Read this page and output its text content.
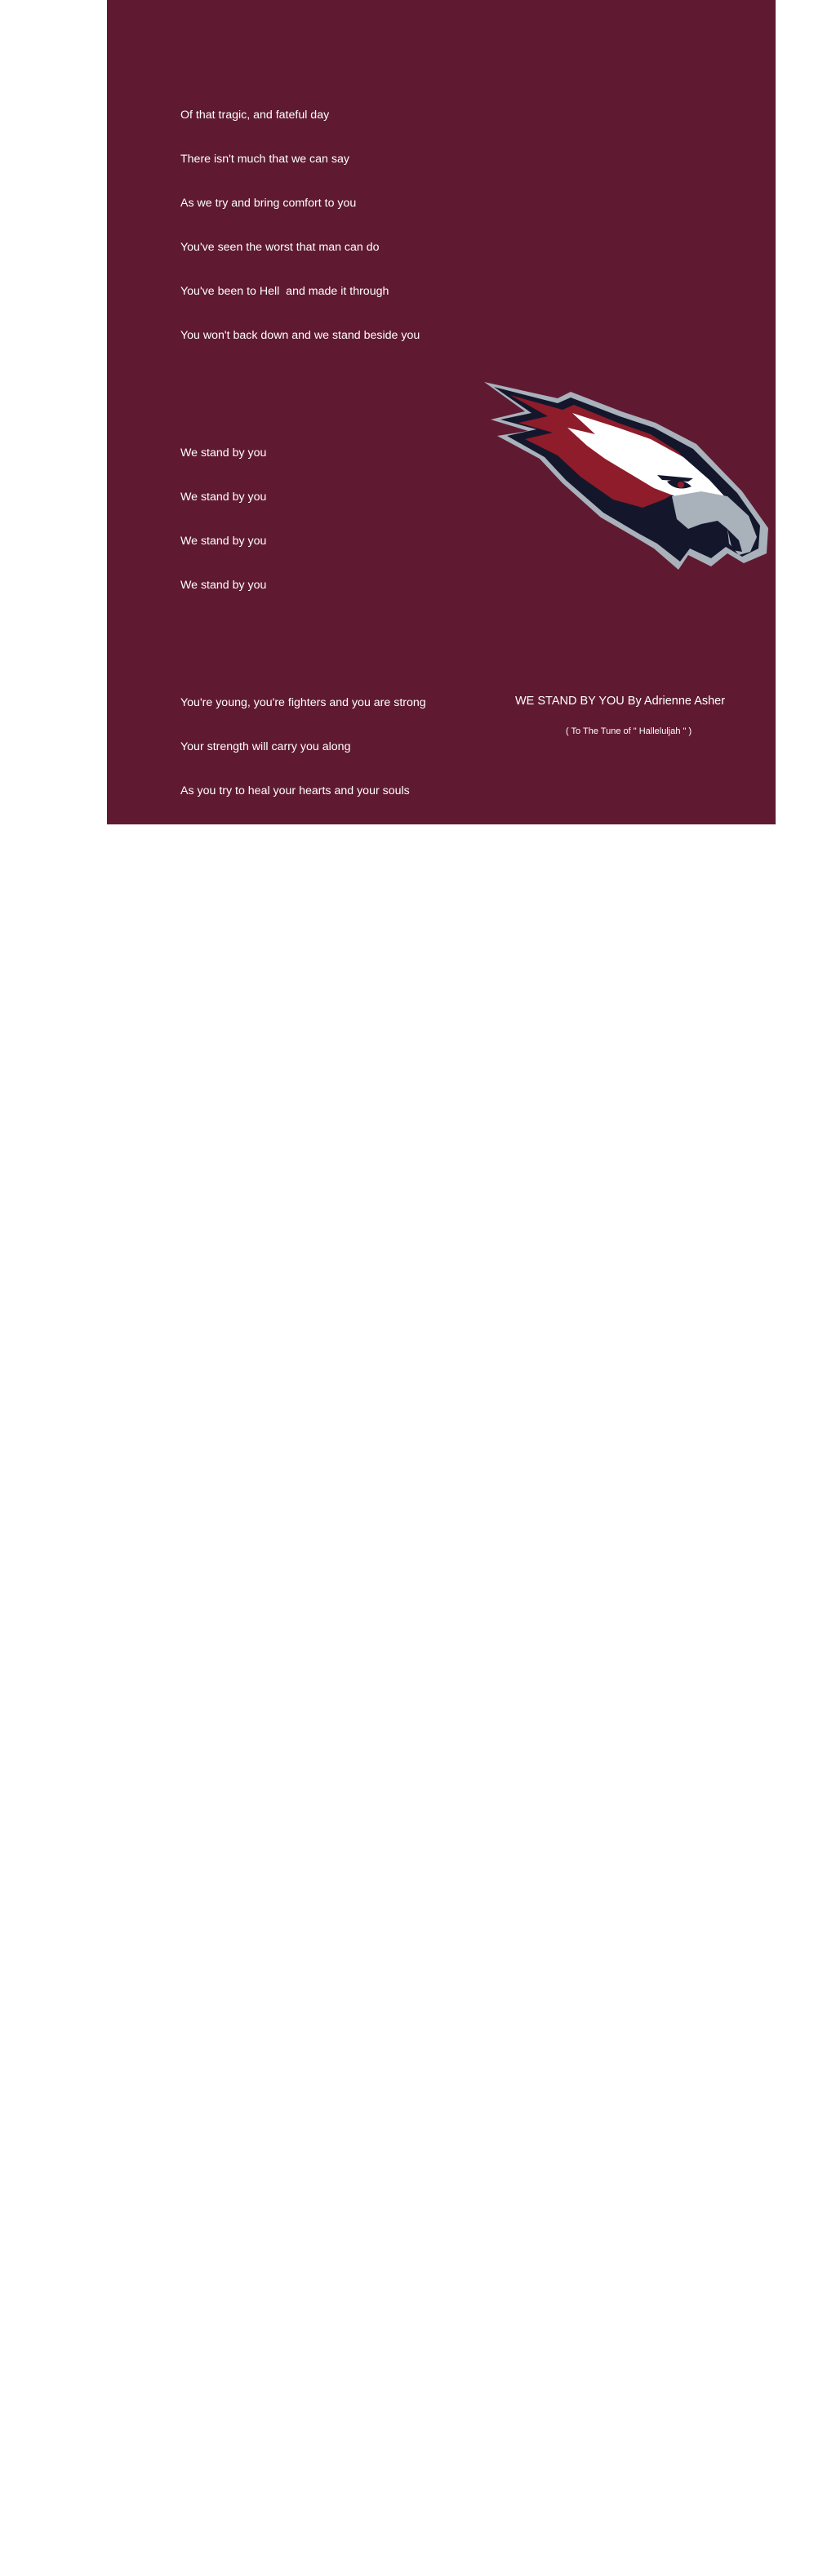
Of that tragic, and fateful day

There isn't much that we can say

As we try and bring comfort to you

You've seen the worst that man can do

You've been to Hell  and made it through

You won't back down and we stand beside you

We stand by you

We stand by you

We stand by you

We stand by you

You're young, you're fighters and you are strong

Your strength will carry you along

As you try to heal your hearts and your souls

All your suffering and all your pain

Will not be forgotten nor have been in vain

For we are here and we stand beside you

We stand by you

We stand by you

We stand by you

We stand by you

You've made your voices loud and clear

Heard around the world both far and near

As you move with courage and with faith

No matter how much you have lost

No matter how high the terrible cost

Know that we will always stand beside you

We stand by you

We stand by you

We stand by you

We stand by you

You are the future , you are the light

A beacon of hope burning bright

With the promise of better days

You are the ones who shall lead

As we follow , our hearts freed

And we will always stand beside you

We stand by you, We stand by you

We stand by you, We stand by you,

We stand by you, We stand by you

We stand by you,  We stand by you,

We stand by you,  We stand by you

We stand by you,  We stand by you

WE STAND BY YOU By Adrienne Asher
( To The Tune of " Halleluljah " )
